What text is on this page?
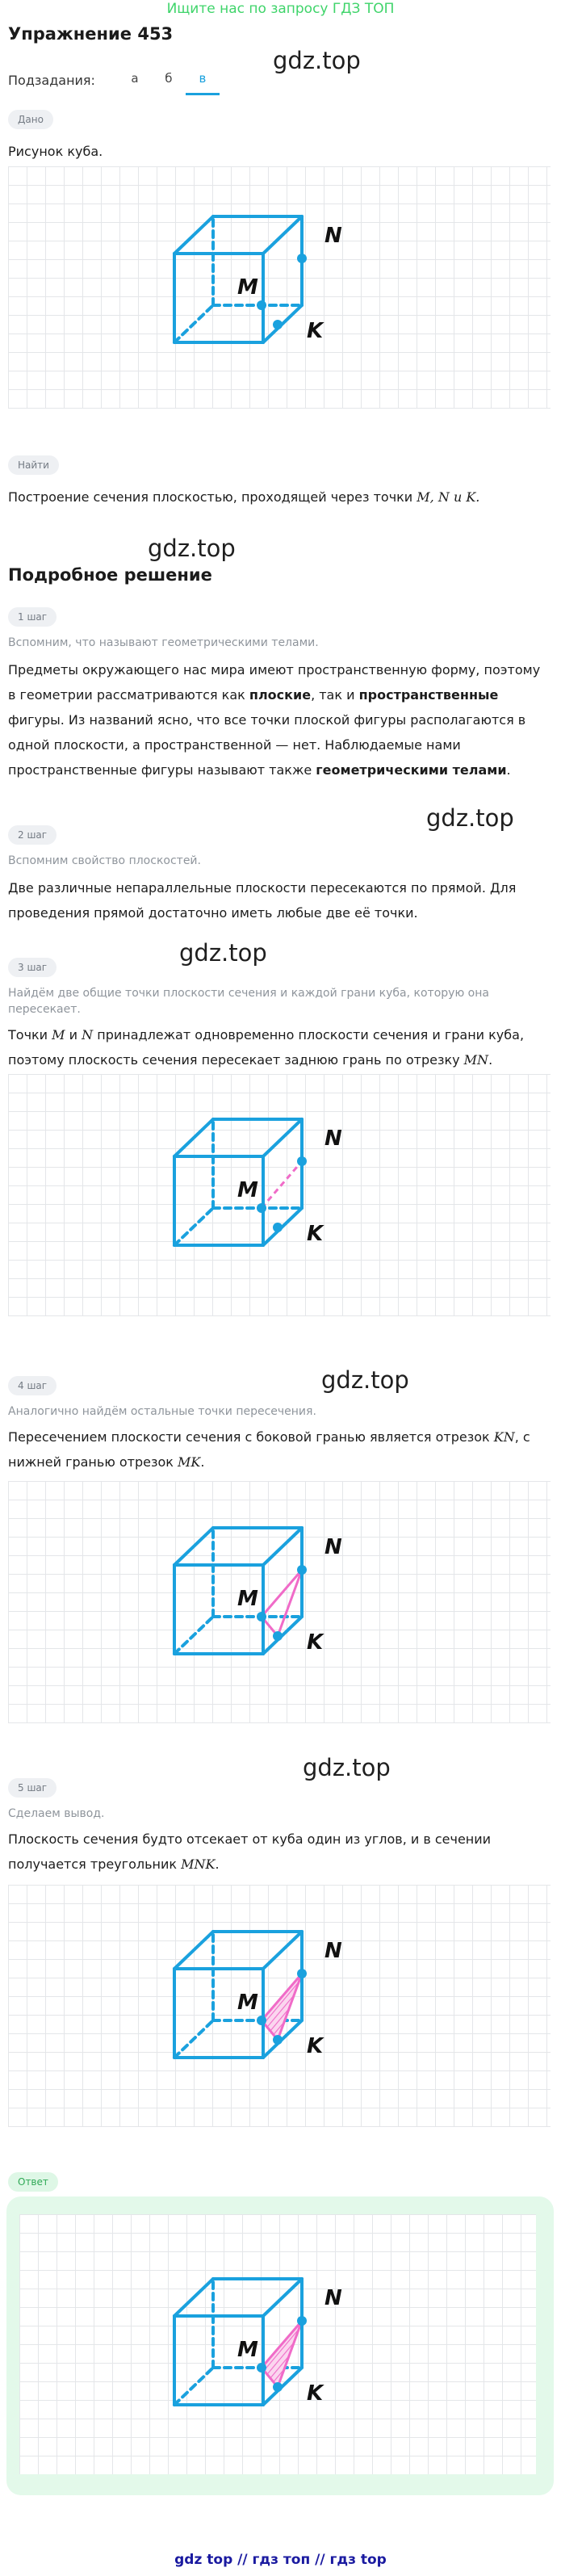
Ищите нас по запросу ГДЗ ТОП
Упражнение 453
Подзадания:	а	б	в
gdz.top
gdz.top
gdz.top
gdz.top
gdz.top
gdz.top
Дано
Рисунок куба.
M
N
K
Найти
Построение сечения плоскостью, проходящей через точки M, N и K.
Подробное решение
1 шаг
Вспомним, что называют геометрическими телами.
Предметы окружающего нас мира имеют пространственную форму, поэтому в геометрии рассматриваются как плоские, так и пространственные фигуры. Из названий ясно, что все точки плоской фигуры располагаются в одной плоскости, а пространственной — нет. Наблюдаемые нами пространственные фигуры называют также геометрическими телами.
2 шаг
Вспомним свойство плоскостей.
Две различные непараллельные плоскости пересекаются по прямой. Для проведения прямой достаточно иметь любые две её точки.
3 шаг
Найдём две общие точки плоскости сечения и каждой грани куба, которую она пересекает.
Точки M и N принадлежат одновременно плоскости сечения и грани куба, поэтому плоскость сечения пересекает заднюю грань по отрезку MN.
M
N
K
4 шаг
Аналогично найдём остальные точки пересечения.
Пересечением плоскости сечения с боковой гранью является отрезок KN, с нижней гранью отрезок MK.
M
N
K
5 шаг
Сделаем вывод.
Плоскость сечения будто отсекает от куба один из углов, и в сечении получается треугольник MNK.
M
N
K
Ответ
M
N
K
gdz top // гдз топ // гдз top
